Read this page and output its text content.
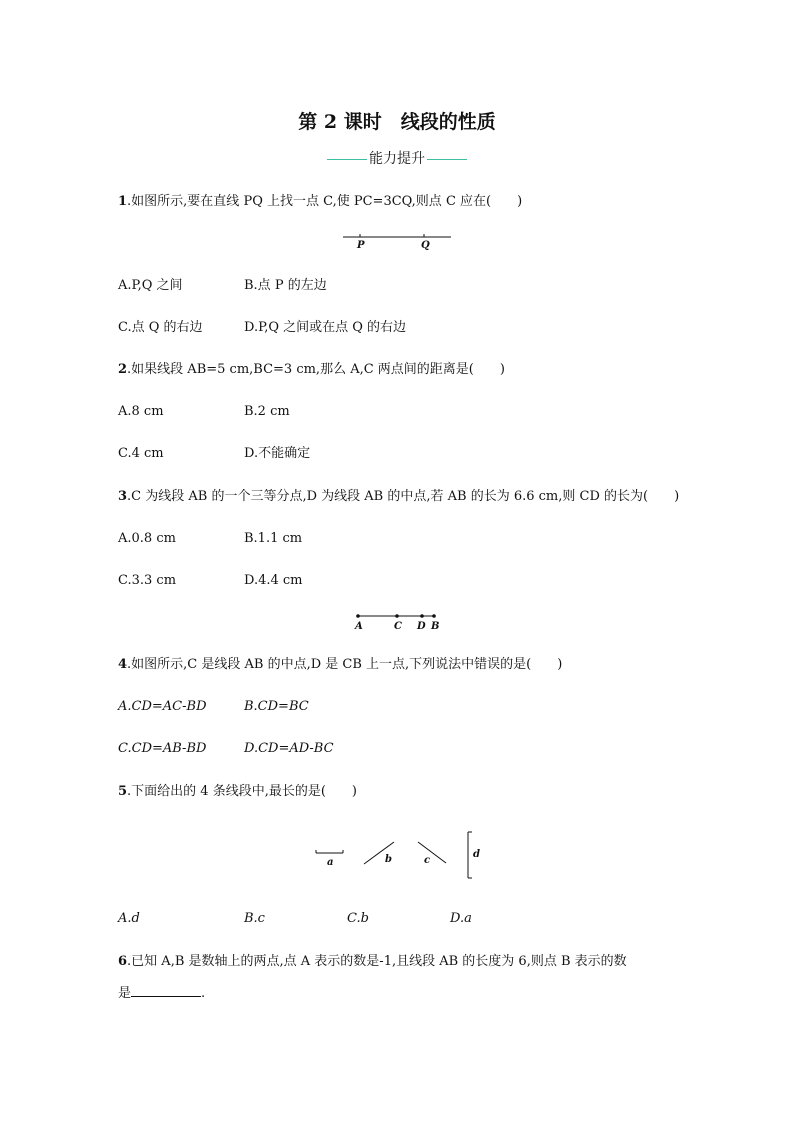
第 2 课时　线段的性质
能力提升
1.如图所示,要在直线 PQ 上找一点 C,使 PC=3CQ,则点 C 应在(　　)
P	Q
A.P,Q 之间	B.点 P 的左边
C.点 Q 的右边	D.P,Q 之间或在点 Q 的右边
2.如果线段 AB=5 cm,BC=3 cm,那么 A,C 两点间的距离是(　　)
A.8 cm	B.2 cm
C.4 cm	D.不能确定
3.C 为线段 AB 的一个三等分点,D 为线段 AB 的中点,若 AB 的长为 6.6 cm,则 CD 的长为(　　)
A.0.8 cm	B.1.1 cm
C.3.3 cm	D.4.4 cm
A	C D B
4.如图所示,C 是线段 AB 的中点,D 是 CB 上一点,下列说法中错误的是(　　)
A.CD=AC-BD	B.CD=BC
C.CD=AB-BD	D.CD=AD-BC
5.下面给出的 4 条线段中,最长的是(　　)
a	b	c
d
A.d	B.c	C.b	D.a
6.已知 A,B 是数轴上的两点,点 A 表示的数是-1,且线段 AB 的长度为 6,则点 B 表示的数
是	.
